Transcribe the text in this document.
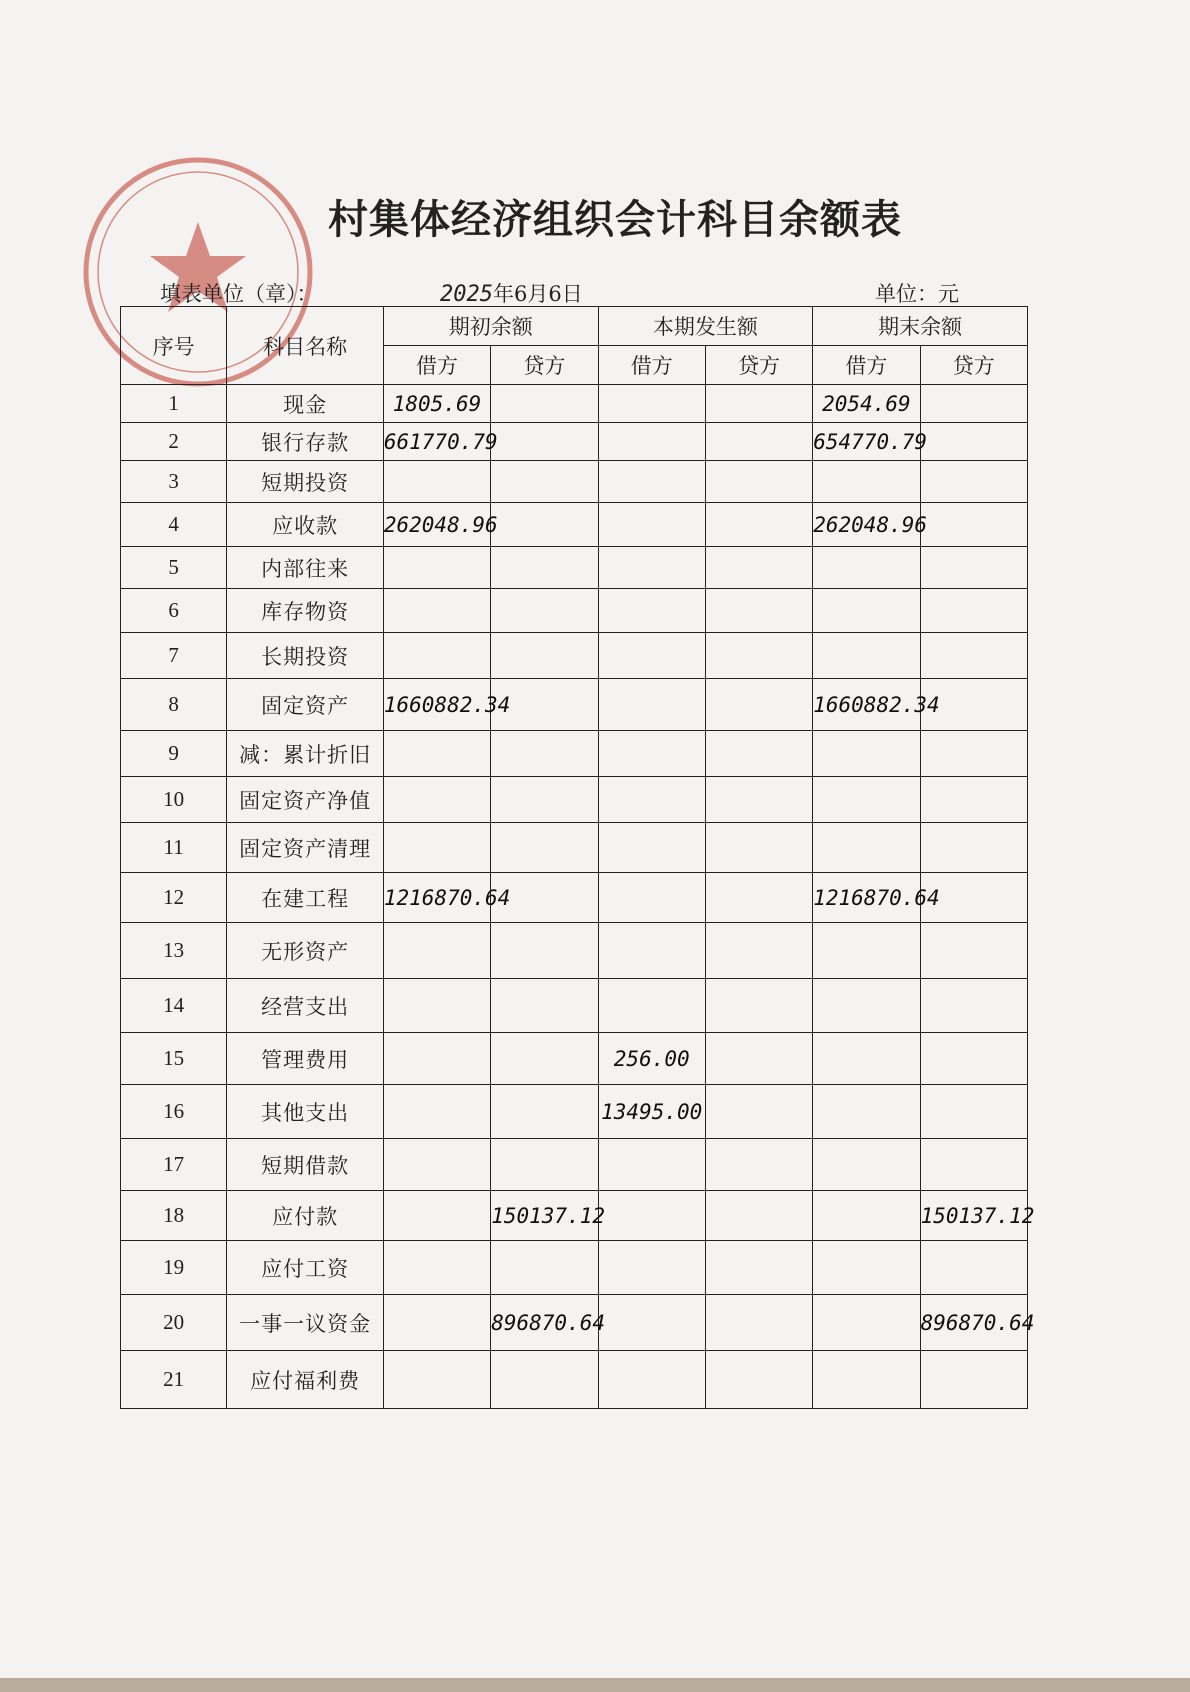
村集体经济组织会计科目余额表
填表单位（章）：	2025年6月6日	单位：元
序号	科目名称	期初余额		本期发生额		期末余额	
		借方	贷方	借方	贷方	借方	贷方
1	现金	1805.69				2054.69	
2	银行存款	661770.79				654770.79	
3	短期投资						
4	应收款	262048.96				262048.96	
5	内部往来						
6	库存物资						
7	长期投资						
8	固定资产	1660882.34				1660882.34	
9	减：累计折旧						
10	固定资产净值						
11	固定资产清理						
12	在建工程	1216870.64				1216870.64	
13	无形资产						
14	经营支出						
15	管理费用			256.00			
16	其他支出			13495.00			
17	短期借款						
18	应付款		150137.12				150137.12
19	应付工资						
20	一事一议资金		896870.64				896870.64
21	应付福利费						
